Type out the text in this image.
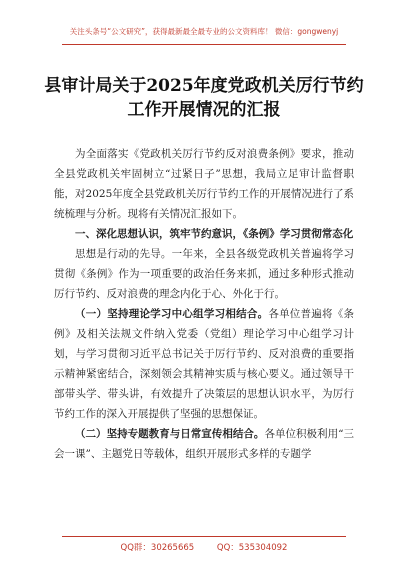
关注头条号“公文研究”，获得最新最全最专业的公文资料库！ 微信：gongwenyj
县审计局关于2025年度党政机关厉行节约工作开展情况的汇报

为全面落实《党政机关厉行节约反对浪费条例》要求，推动全县党政机关牢固树立“过紧日子”思想，我局立足审计监督职能，对2025年度全县党政机关厉行节约工作的开展情况进行了系统梳理与分析。现将有关情况汇报如下。

一、深化思想认识，筑牢节约意识，《条例》学习贯彻常态化

思想是行动的先导。一年来，全县各级党政机关普遍将学习贯彻《条例》作为一项重要的政治任务来抓，通过多种形式推动厉行节约、反对浪费的理念内化于心、外化于行。

（一）坚持理论学习中心组学习相结合。各单位普遍将《条例》及相关法规文件纳入党委（党组）理论学习中心组学习计划，与学习贯彻习近平总书记关于厉行节约、反对浪费的重要指示精神紧密结合，深刻领会其精神实质与核心要义。通过领导干部带头学、带头讲，有效提升了决策层的思想认识水平，为厉行节约工作的深入开展提供了坚强的思想保证。

（二）坚持专题教育与日常宣传相结合。各单位积极利用“三会一课”、主题党日等载体，组织开展形式多样的专题学

QQ群：30265665	QQ：535304092
